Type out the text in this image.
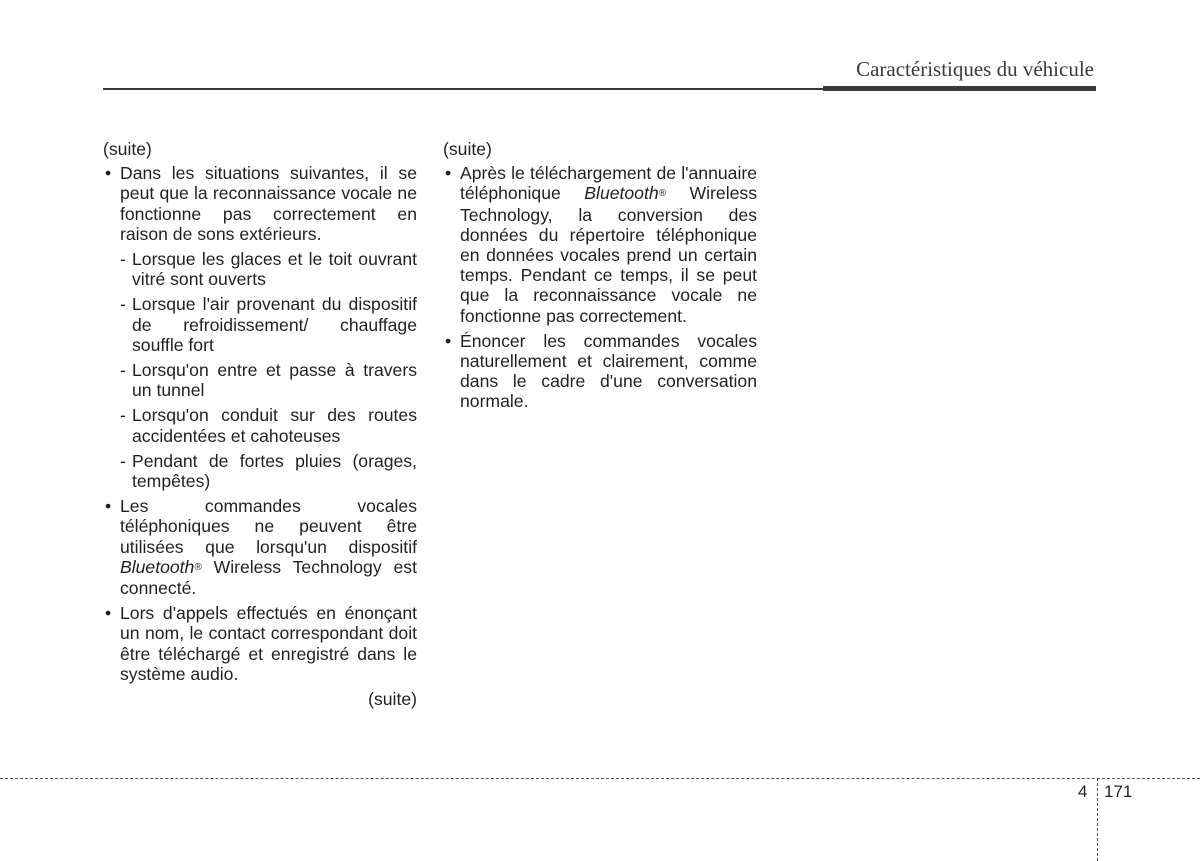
Caractéristiques du véhicule
(suite)
• Dans les situations suivantes, il se peut que la reconnaissance vocale ne fonctionne pas correctement en raison de sons extérieurs.
- Lorsque les glaces et le toit ouvrant vitré sont ouverts
- Lorsque l'air provenant du dispositif de refroidissement/ chauffage souffle fort
- Lorsqu'on entre et passe à travers un tunnel
- Lorsqu'on conduit sur des routes accidentées et cahoteuses
- Pendant de fortes pluies (orages, tempêtes)
• Les commandes vocales téléphoniques ne peuvent être utilisées que lorsqu'un dispositif Bluetooth® Wireless Technology est connecté.
• Lors d'appels effectués en énonçant un nom, le contact correspondant doit être téléchargé et enregistré dans le système audio.
(suite)
(suite)
• Après le téléchargement de l'annuaire téléphonique Bluetooth® Wireless Technology, la conversion des données du répertoire téléphonique en données vocales prend un certain temps. Pendant ce temps, il se peut que la reconnaissance vocale ne fonctionne pas correctement.
• Énoncer les commandes vocales naturellement et clairement, comme dans le cadre d'une conversation normale.
4 171
